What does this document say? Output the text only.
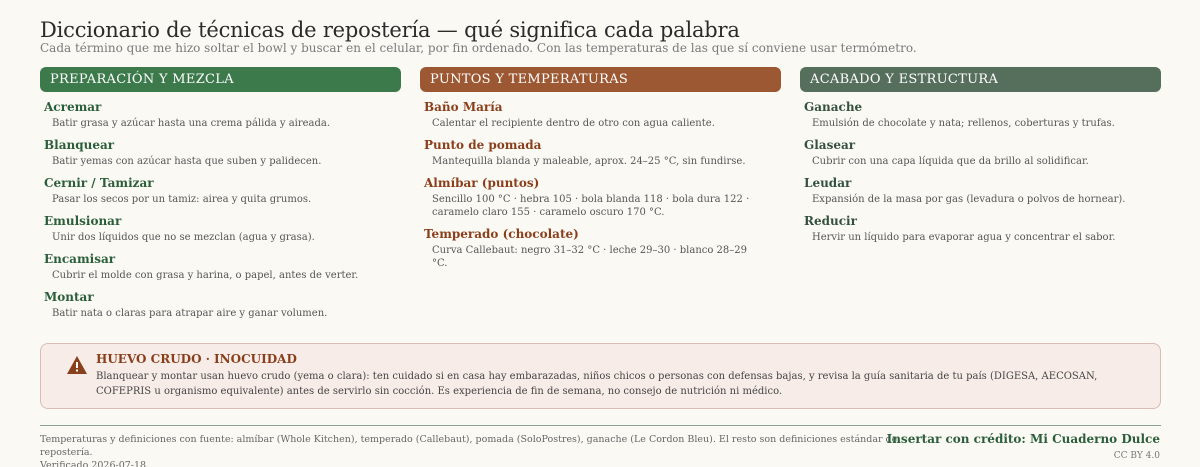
Diccionario de técnicas de repostería — qué significa cada palabra
Cada término que me hizo soltar el bowl y buscar en el celular, por fin ordenado. Con las temperaturas de las que sí conviene usar termómetro.
PREPARACIÓN Y MEZCLA
Acremar
Batir grasa y azúcar hasta una crema pálida y aireada.
Blanquear
Batir yemas con azúcar hasta que suben y palidecen.
Cernir / Tamizar
Pasar los secos por un tamiz: airea y quita grumos.
Emulsionar
Unir dos líquidos que no se mezclan (agua y grasa).
Encamisar
Cubrir el molde con grasa y harina, o papel, antes de verter.
Montar
Batir nata o claras para atrapar aire y ganar volumen.
PUNTOS Y TEMPERATURAS
Baño María
Calentar el recipiente dentro de otro con agua caliente.
Punto de pomada
Mantequilla blanda y maleable, aprox. 24–25 °C, sin fundirse.
Almíbar (puntos)
Sencillo 100 °C · hebra 105 · bola blanda 118 · bola dura 122 · caramelo claro 155 · caramelo oscuro 170 °C.
Temperado (chocolate)
Curva Callebaut: negro 31–32 °C · leche 29–30 · blanco 28–29 °C.
ACABADO Y ESTRUCTURA
Ganache
Emulsión de chocolate y nata; rellenos, coberturas y trufas.
Glasear
Cubrir con una capa líquida que da brillo al solidificar.
Leudar
Expansión de la masa por gas (levadura o polvos de hornear).
Reducir
Hervir un líquido para evaporar agua y concentrar el sabor.
HUEVO CRUDO · INOCUIDAD
Blanquear y montar usan huevo crudo (yema o clara): ten cuidado si en casa hay embarazadas, niños chicos o personas con defensas bajas, y revisa la guía sanitaria de tu país (DIGESA, AECOSAN, COFEPRIS u organismo equivalente) antes de servirlo sin cocción. Es experiencia de fin de semana, no consejo de nutrición ni médico.
Temperaturas y definiciones con fuente: almíbar (Whole Kitchen), temperado (Callebaut), pomada (SoloPostres), ganache (Le Cordon Bleu). El resto son definiciones estándar de repostería.
Verificado 2026-07-18.
Insertar con crédito: Mi Cuaderno Dulce
CC BY 4.0
